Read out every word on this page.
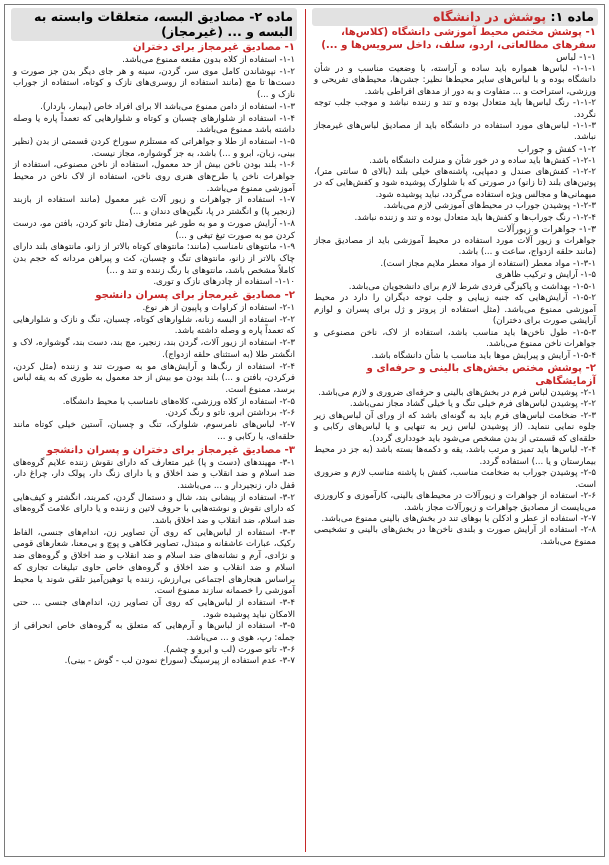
ماده ۱: پوشش در دانشگاه
۱- پوشش مختص محیط آموزشی دانشگاه (کلاس‌ها، سفرهای مطالعاتی، اردو، سلف، داخل سرویس‌ها و ...)
۱-۱- لباس

۱-۱-۱- لباس‌ها همواره باید ساده و آراسته، با وضعیت مناسب و در شأن دانشگاه بوده و با لباس‌های سایر محیط‌ها نظیر: جشن‌ها، محیط‌های تفریحی و ورزشی، استراحت و ... متفاوت و به دور از مدهای افراطی باشد.

۱-۱-۲- رنگ لباس‌ها باید متعادل بوده و تند و زننده نباشد و موجب جلب توجه نگردد.

۱-۱-۳- لباس‌های مورد استفاده در دانشگاه باید از مصادیق لباس‌های غیرمجاز نباشد.

۱-۲- کفش و جوراب

۱-۲-۱- کفش‌ها باید ساده و در خور شأن و منزلت دانشگاه باشد.

۱-۲-۲- کفش‌های صندل و دمپایی، پاشنه‌های خیلی بلند (بالای ۵ سانتی متر)، پوتین‌های بلند (تا زانو) در صورتی که با شلوارک پوشیده شود و کفش‌هایی که در میهمانی‌ها و مجالس ویژه استفاده می‌گردد، نباید پوشیده شود.

۱-۲-۳- پوشیدن جوراب در محیط‌های آموزشی لازم می‌باشد.

۱-۲-۴- رنگ جوراب‌ها و کفش‌ها باید متعادل بوده و تند و زننده نباشد.

۱-۳- جواهرات و زیورآلات

جواهرات و زیور آلات مورد استفاده در محیط آموزشی باید از مصادیق مجاز (مانند حلقه ازدواج، ساعت و ...) باشد.

۱-۳-۱- مواد معطر (استفاده از مواد معطر ملایم مجاز است).

۱-۵- آرایش و ترکیب ظاهری

۱-۵-۱- بهداشت و پاکیزگی فردی شرط لازم برای دانشجویان می‌باشد.

۱-۵-۲- آرایش‌هایی که جنبه زیبایی و جلب توجه دیگران را دارد در محیط آموزشی ممنوع می‌باشد. (مثل استفاده از پروتز و ژل برای پسران و لوازم آرایشی صورت برای دختران)

۱-۵-۳- طول ناخن‌ها باید مناسب باشد، استفاده از لاک، ناخن مصنوعی و جواهرات ناخن ممنوع می‌باشد.

۱-۵-۴- آرایش و پیرایش موها باید مناسب با شأن دانشگاه باشد.

۲- پوشش مختص بخش‌های بالینی و حرفه‌ای و آزمایشگاهی

۲-۱- پوشیدن لباس فرم در بخش‌های بالینی و حرفه‌ای ضروری و لازم می‌باشد.

۲-۲- پوشیدن لباس‌های فرم خیلی تنگ و یا خیلی گشاد مجاز نمی‌باشد.

۲-۳- ضخامت لباس‌های فرم باید به گونه‌ای باشد که از ورای آن لباس‌های زیر جلوه نمایی ننماید. (از پوشیدن لباس زیر به تنهایی و یا لباس‌های رکابی و حلقه‌ای که قسمتی از بدن مشخص می‌شود باید خودداری گردد).

۲-۴- لباس‌ها باید تمیز و مرتب باشد، یقه و دکمه‌ها بسته باشد (به جز در محیط بیمارستان و یا ...) استفاده گردد.

۲-۵- پوشیدن جوراب به ضخامت مناسب، کفش با پاشنه مناسب لازم و ضروری است.

۲-۶- استفاده از جواهرات و زیورآلات در محیط‌های بالینی، کارآموزی و کارورزی می‌بایست از مصادیق جواهرات و زیورآلات مجاز باشد.

۲-۷- استفاده از عطر و ادکلن با بوهای تند در بخش‌های بالینی ممنوع می‌باشد.

۲-۸- استفاده از آرایش صورت و بلندی ناخن‌ها در بخش‌های بالینی و تشخیصی ممنوع می‌باشد.

ماده ۲- مصادیق البسه، متعلقات وابسته به البسه و ... (غیرمجاز)
۱- مصادیق غیرمجاز برای دختران

۱-۱- استفاده از کلاه بدون مقنعه ممنوع می‌باشد.

۱-۲- نپوشاندن کامل موی سر، گردن، سینه و هر جای دیگر بدن جز صورت و دست‌ها تا مچ (مانند استفاده از روسری‌های نازک و کوتاه، استفاده از جوراب نازک و ...)

۱-۳- استفاده از دامن ممنوع می‌باشد الا برای افراد خاص (بیمار، باردار).

۱-۴- استفاده از شلوارهای چسبان و کوتاه و شلوارهایی که تعمداً پاره یا وصله داشته باشد ممنوع می‌باشد.

۱-۵- استفاده از طلا و جواهراتی که مستلزم سوراخ کردن قسمتی از بدن (نظیر بینی، زبان، ابرو و ...) باشد، به جز گوشواره، مجاز نیست.

۱-۶- بلند بودن ناخن بیش از حد معمول، استفاده از ناخن مصنوعی، استفاده از جواهرات ناخن یا طرح‌های هنری روی ناخن، استفاده از لاک ناخن در محیط آموزشی ممنوع می‌باشد.

۱-۷- استفاده از جواهرات و زیور آلات غیر معمول (مانند استفاده از بازبند (زنجیر پا) و انگشتر در پا، نگین‌های دندان و ...)

۱-۸- آرایش صورت و مو به طور غیر متعارف (مثل تاتو کردن، بافتن مو، درست کردن مو به صورت تیغ تیغی و ...)

۱-۹- مانتوهای نامناسب (مانند: مانتوهای کوتاه بالاتر از زانو، مانتوهای بلند دارای چاک بالاتر از زانو، مانتوهای تنگ و چسبان، کت و پیراهن مردانه که حجم بدن کاملاً مشخص باشد، مانتوهای با رنگ زننده و تند و ...)

۱-۱۰- استفاده از چادرهای نازک و توری.

۲- مصادیق غیرمجاز برای پسران دانشجو

۲-۱- استفاده از کراوات و پاپیون از هر نوع.

۲-۲- استفاده از البسه زنانه، شلوارهای کوتاه، چسبان، تنگ و نازک و شلوارهایی که تعمداً پاره و وصله داشته باشد.

۲-۳- استفاده از زیور آلات، گردن بند، زنجیر، مچ بند، دست بند، گوشواره، لاک و انگشتر طلا (به استثنای حلقه ازدواج).

۲-۴- استفاده از رنگ‌ها و آرایش‌های مو به صورت تند و زننده (مثل کردن، فرکردن، بافتن و ...) بلند بودن مو بیش از حد معمول به طوری که به یقه لباس برسد، ممنوع است.

۲-۵- استفاده از کلاه ورزشی، کلاه‌های نامناسب با محیط دانشگاه.

۲-۶- برداشتن ابرو، تاتو و رنگ کردن.

۲-۷- لباس‌های نامرسوم، شلوارک، تنگ و چسبان، آستین خیلی کوتاه مانند حلقه‌ای، یا رکابی و ...

۳- مصادیق غیرمجاز برای دختران و پسران دانشجو

۳-۱- مهیندهای (دست و پا) غیر متعارف که دارای نقوش زننده علایم گروه‌های ضد اسلام و ضد انقلاب و ضد اخلاق و یا دارای زنگ دار، پولک دار، چراغ دار، قفل دار، زنجیردار و ... می‌باشند.

۳-۲- استفاده از پیشانی بند، شال و دستمال گردن، کمربند، انگشتر و کیف‌هایی که دارای نقوش و نوشته‌هایی با حروف لاتین و زننده و یا دارای علامت گروه‌های ضد اسلام، ضد انقلاب و ضد اخلاق باشد.

۳-۳- استفاده از لباس‌هایی که روی آن تصاویر زن، اندام‌های جنسی، الفاظ رکیک، عبارات عاشقانه و مبتذل، تصاویر فکاهی و پوچ و بی‌معنا، شعارهای قومی و نژادی، آرم و نشانه‌های ضد اسلام و ضد انقلاب و ضد اخلاق و گروه‌های ضد اسلام و ضد انقلاب و ضد اخلاق و گروه‌های خاص حاوی تبلیغات تجاری که براساس هنجارهای اجتماعی بی‌ارزش، زننده یا توهین‌آمیز تلقی شوند یا محیط آموزشی را خصمانه سازند ممنوع است.

۳-۴- استفاده از لباس‌هایی که روی آن تصاویر زن، اندام‌های جنسی ... حتی الامکان نباید پوشیده شود.

۳-۵- استفاده از لباس‌ها و آرم‌هایی که متعلق به گروه‌های خاص انحرافی از جمله: رپ، هوی و ... می‌باشد.

۳-۶- تاتو صورت (لب و ابرو و چشم).

۳-۷- عدم استفاده از پیرسینگ (سوراخ نمودن لب - گوش - بینی).
